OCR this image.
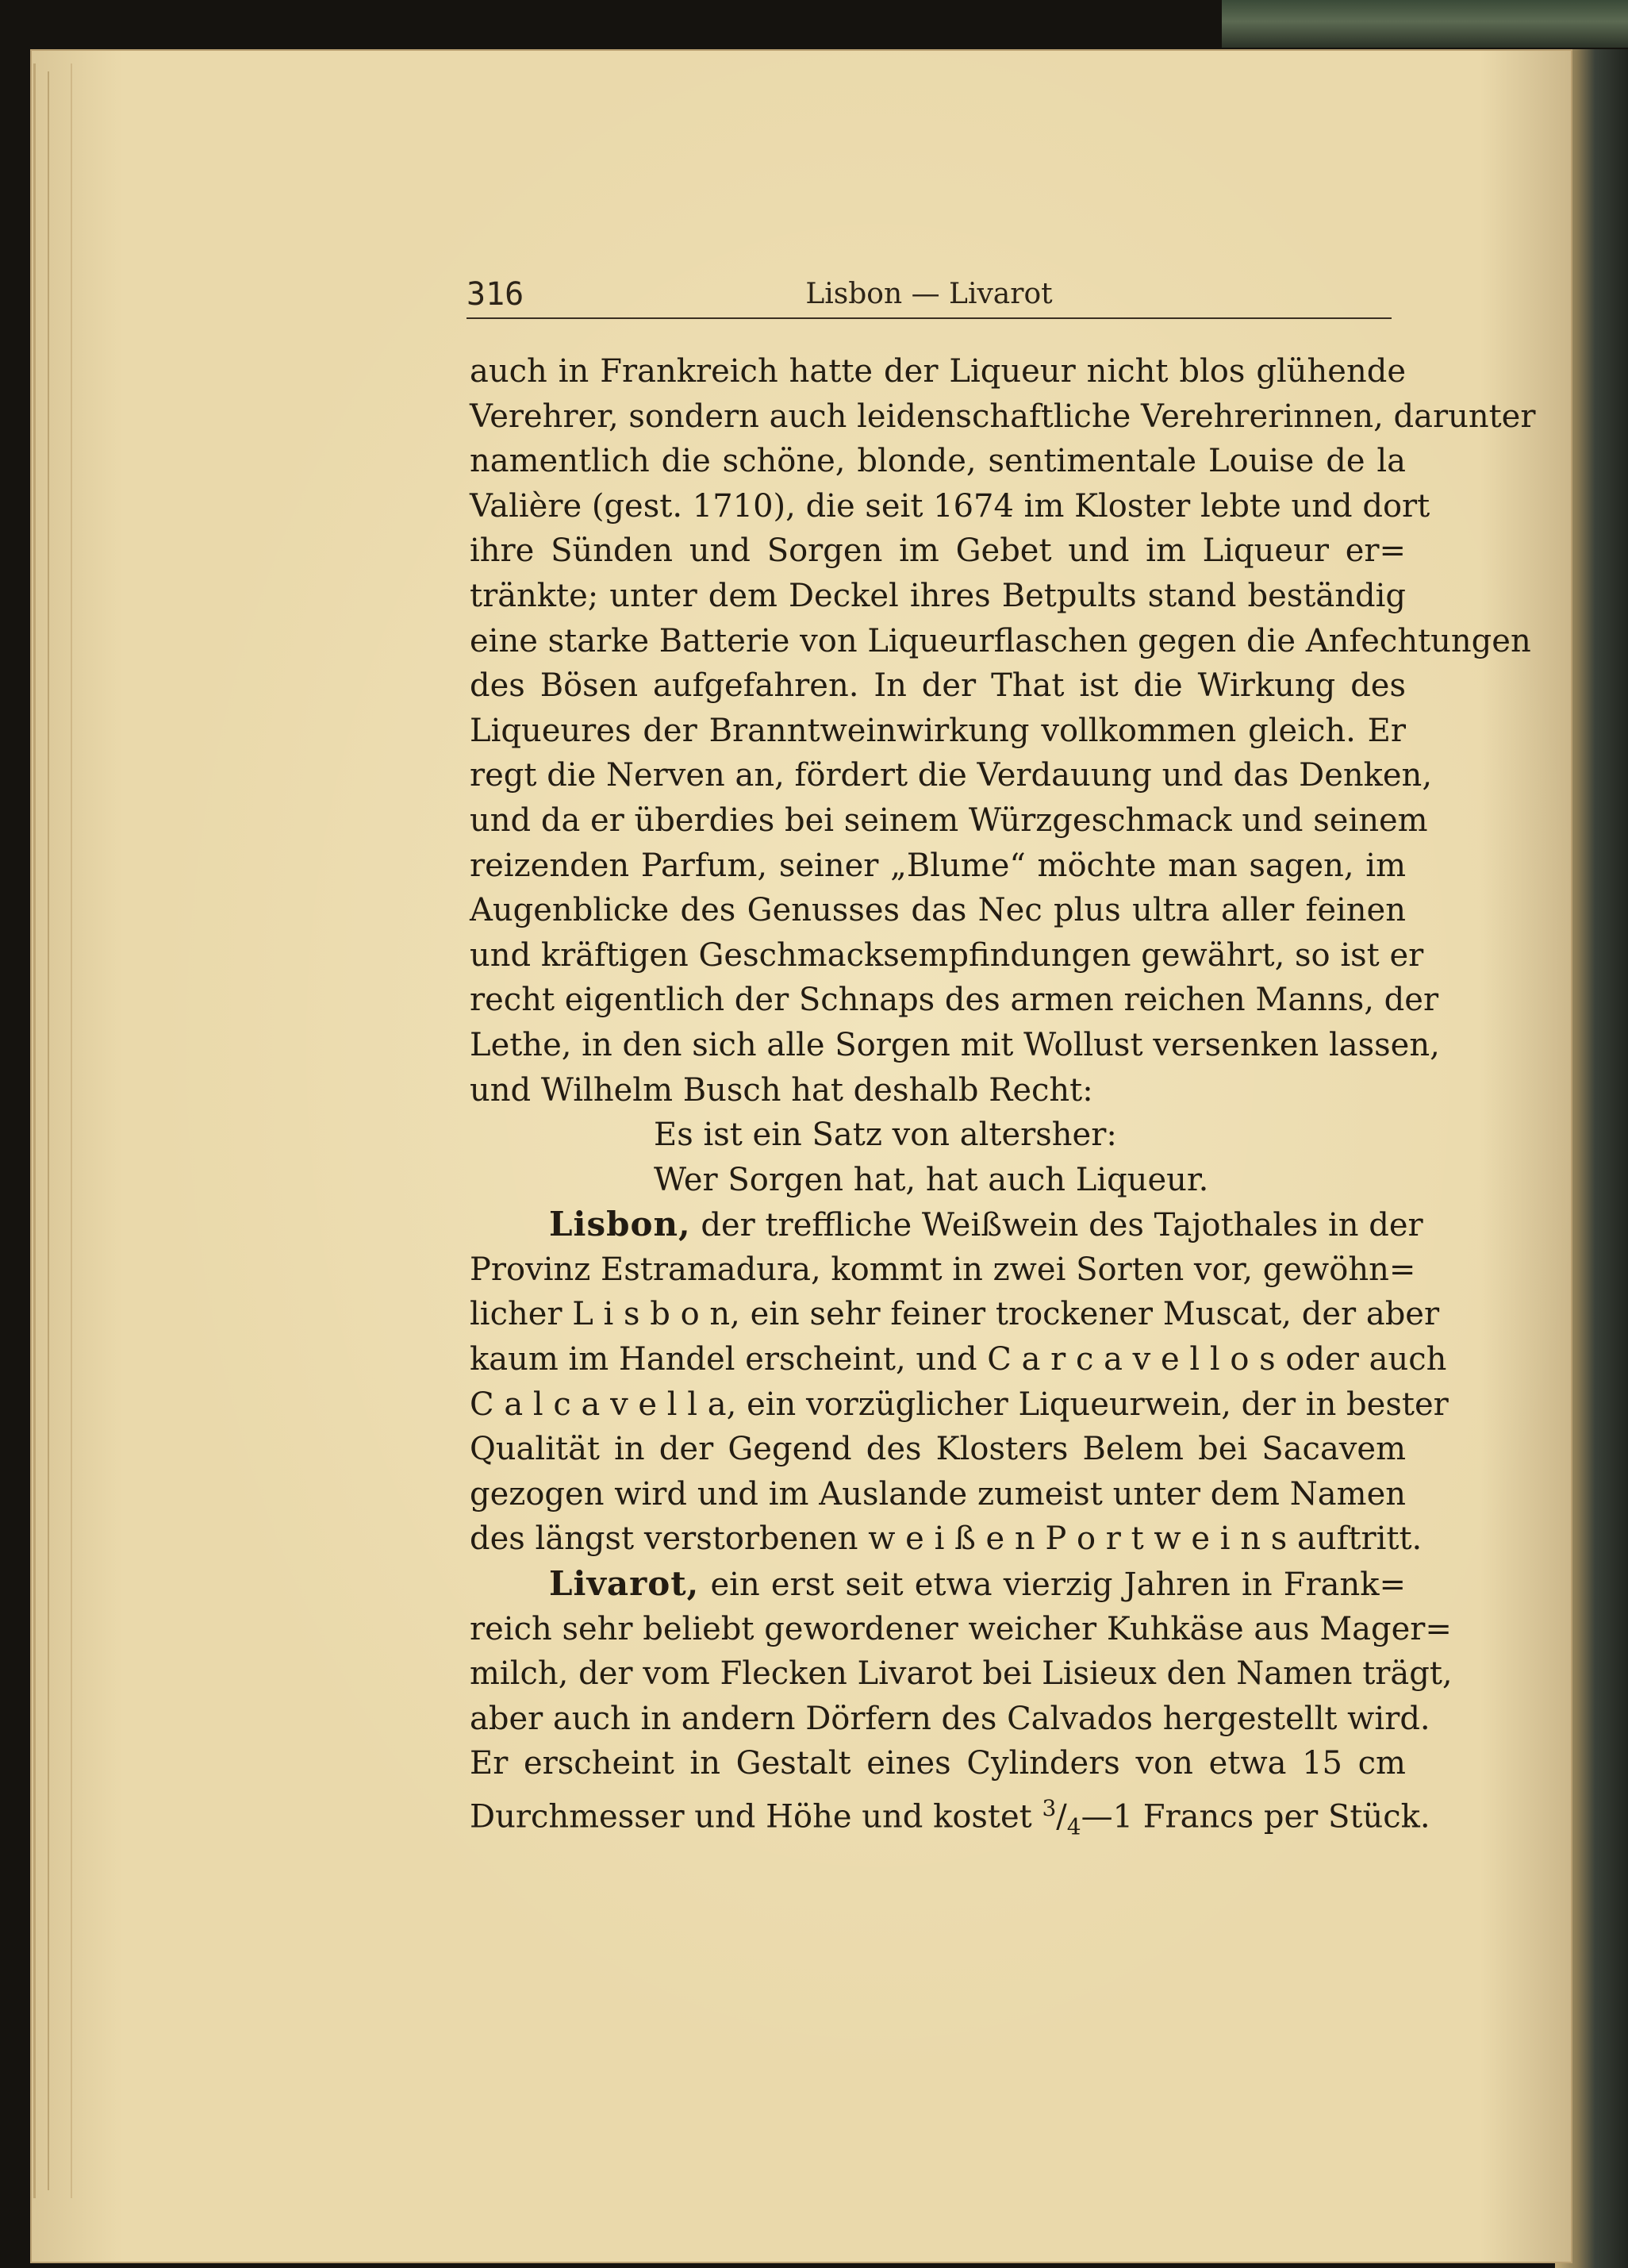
316	Lisbon — Livarot
auch in Frankreich hatte der Liqueur nicht blos glühende
Verehrer, sondern auch leidenschaftliche Verehrerinnen, darunter
namentlich die schöne, blonde, sentimentale Louise de la
Valière (gest. 1710), die seit 1674 im Kloster lebte und dort
ihre Sünden und Sorgen im Gebet und im Liqueur er=
tränkte; unter dem Deckel ihres Betpults stand beständig
eine starke Batterie von Liqueurflaschen gegen die Anfechtungen
des Bösen aufgefahren. In der That ist die Wirkung des
Liqueures der Branntweinwirkung vollkommen gleich. Er
regt die Nerven an, fördert die Verdauung und das Denken,
und da er überdies bei seinem Würzgeschmack und seinem
reizenden Parfum, seiner „Blume“ möchte man sagen, im
Augenblicke des Genusses das Nec plus ultra aller feinen
und kräftigen Geschmacksempfindungen gewährt, so ist er
recht eigentlich der Schnaps des armen reichen Manns, der
Lethe, in den sich alle Sorgen mit Wollust versenken lassen,
und Wilhelm Busch hat deshalb Recht:
Es ist ein Satz von altersher:
Wer Sorgen hat, hat auch Liqueur.
Lisbon, der treffliche Weißwein des Tajothales in der
Provinz Estramadura, kommt in zwei Sorten vor, gewöhn=
licher L i s b o n, ein sehr feiner trockener Muscat, der aber
kaum im Handel erscheint, und C a r c a v e l l o s oder auch
C a l c a v e l l a, ein vorzüglicher Liqueurwein, der in bester
Qualität in der Gegend des Klosters Belem bei Sacavem
gezogen wird und im Auslande zumeist unter dem Namen
des längst verstorbenen w e i ß e n P o r t w e i n s auftritt.
Livarot, ein erst seit etwa vierzig Jahren in Frank=
reich sehr beliebt gewordener weicher Kuhkäse aus Mager=
milch, der vom Flecken Livarot bei Lisieux den Namen trägt,
aber auch in andern Dörfern des Calvados hergestellt wird.
Er erscheint in Gestalt eines Cylinders von etwa 15 cm
Durchmesser und Höhe und kostet $^3/_4—1$ Francs per Stück.
